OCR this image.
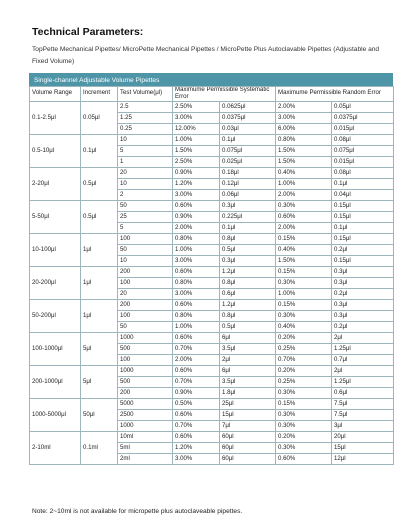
Technical Parameters:
TopPette Mechanical Pipettes/ MicroPette Mechanical Pipettes / MicroPette Plus Autoclavable Pipettes (Adjustable and Fixed Volume)
Single-channel Adjustable Volume Pipettes
Volume Range	Increment	Test Volume(μl)	Maximumе Permissible Systematic Error		Maximumе Permissible Random Error	
0.1-2.5μl	0.05μl	2.5	2.50%	0.0625μl	2.00%	0.05μl
		1.25	3.00%	0.0375μl	3.00%	0.0375μl
		0.25	12.00%	0.03μl	6.00%	0.015μl
0.5-10μl	0.1μl	10	1.00%	0.1μl	0.80%	0.08μl
		5	1.50%	0.075μl	1.50%	0.075μl
		1	2.50%	0.025μl	1.50%	0.015μl
2-20μl	0.5μl	20	0.90%	0.18μl	0.40%	0.08μl
		10	1.20%	0.12μl	1.00%	0.1μl
		2	3.00%	0.06μl	2.00%	0.04μl
5-50μl	0.5μl	50	0.60%	0.3μl	0.30%	0.15μl
		25	0.90%	0.225μl	0.60%	0.15μl
		5	2.00%	0.1μl	2.00%	0.1μl
10-100μl	1μl	100	0.80%	0.8μl	0.15%	0.15μl
		50	1.00%	0.5μl	0.40%	0.2μl
		10	3.00%	0.3μl	1.50%	0.15μl
20-200μl	1μl	200	0.60%	1.2μl	0.15%	0.3μl
		100	0.80%	0.8μl	0.30%	0.3μl
		20	3.00%	0.6μl	1.00%	0.2μl
50-200μl	1μl	200	0.60%	1.2μl	0.15%	0.3μl
		100	0.80%	0.8μl	0.30%	0.3μl
		50	1.00%	0.5μl	0.40%	0.2μl
100-1000μl	5μl	1000	0.60%	6μl	0.20%	2μl
		500	0.70%	3.5μl	0.25%	1.25μl
		100	2.00%	2μl	0.70%	0.7μl
200-1000μl	5μl	1000	0.60%	6μl	0.20%	2μl
		500	0.70%	3.5μl	0.25%	1.25μl
		200	0.90%	1.8μl	0.30%	0.6μl
1000-5000μl	50μl	5000	0.50%	25μl	0.15%	7.5μl
		2500	0.60%	15μl	0.30%	7.5μl
		1000	0.70%	7μl	0.30%	3μl
2-10ml	0.1ml	10ml	0.60%	60μl	0.20%	20μl
		5ml	1.20%	60μl	0.30%	15μl
		2ml	3.00%	60μl	0.60%	12μl
Note: 2~10ml is not available for micropette plus autoclaveable pipettes.
